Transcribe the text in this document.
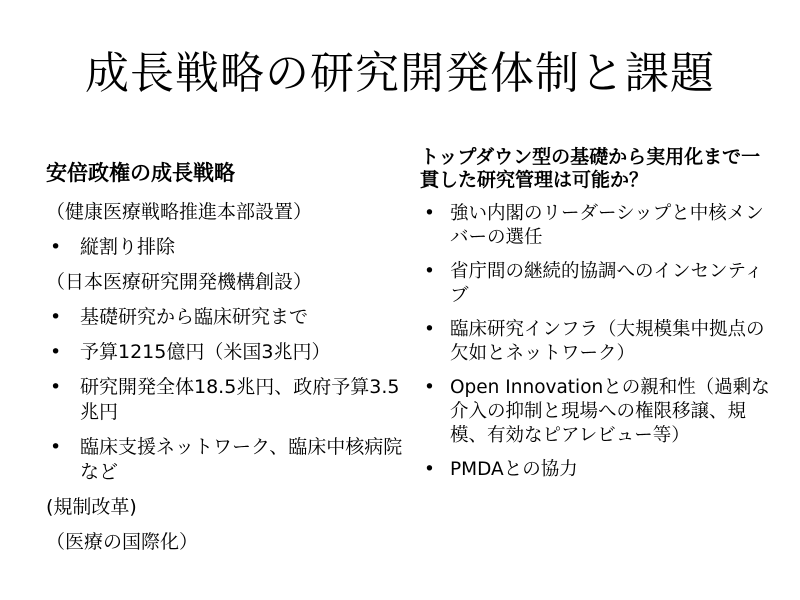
成長戦略の研究開発体制と課題
安倍政権の成長戦略
（健康医療戦略推進本部設置）
• 縦割り排除
（日本医療研究開発機構創設）
• 基礎研究から臨床研究まで
• 予算1215億円（米国3兆円）
• 研究開発全体18.5兆円、政府予算3.5兆円
• 臨床支援ネットワーク、臨床中核病院など
(規制改革)
（医療の国際化）
トップダウン型の基礎から実用化まで一貫した研究管理は可能か？
• 強い内閣のリーダーシップと中核メンバーの選任
• 省庁間の継続的協調へのインセンティブ
• 臨床研究インフラ（大規模集中拠点の欠如とネットワーク）
• Open Innovationとの親和性（過剰な介入の抑制と現場への権限移譲、規模、有効なピアレビュー等）
• PMDAとの協力
